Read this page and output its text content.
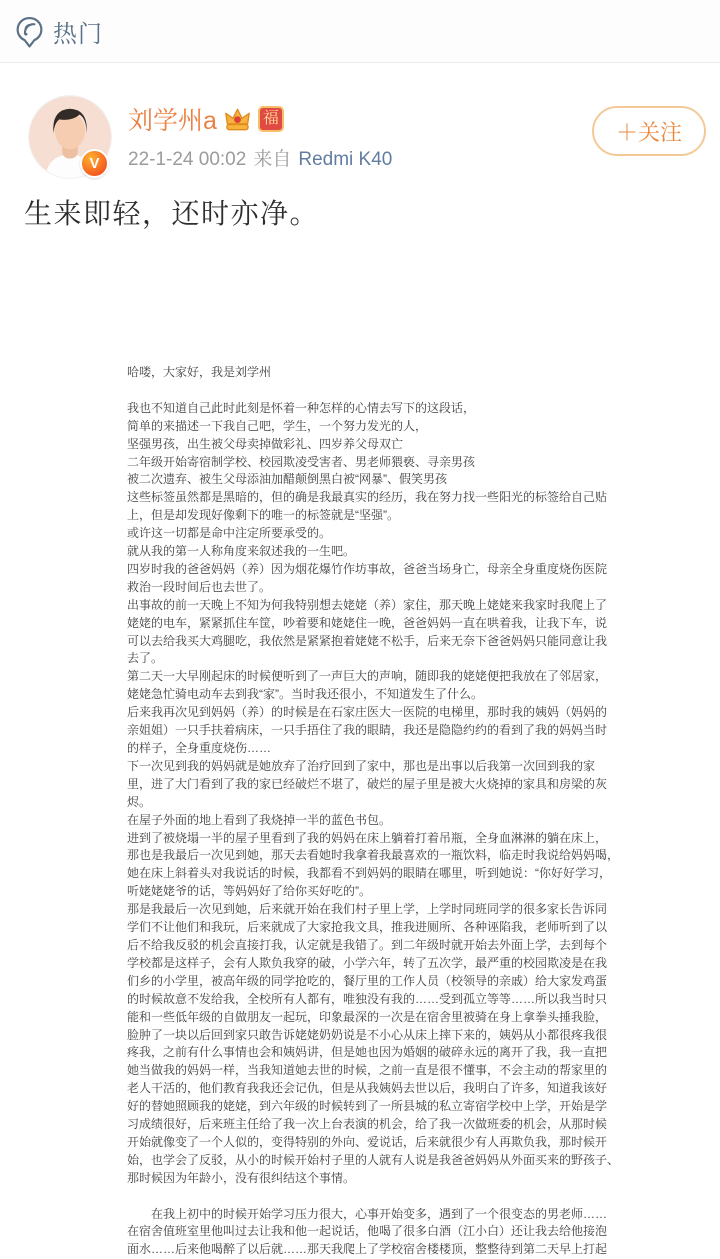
热门
V
刘学州a	福
22-1-24 00:02 来自 Redmi K40
＋关注
生来即轻，还时亦净。
哈喽，大家好，我是刘学州
我也不知道自己此时此刻是怀着一种怎样的心情去写下的这段话，
简单的来描述一下我自己吧，学生，一个努力发光的人，
坚强男孩，出生被父母卖掉做彩礼、四岁养父母双亡
二年级开始寄宿制学校、校园欺凌受害者、男老师猥亵、寻亲男孩
被二次遗弃、被生父母添油加醋颠倒黑白被“网暴”、假笑男孩
这些标签虽然都是黑暗的，但的确是我最真实的经历，我在努力找一些阳光的标签给自己贴
上，但是却发现好像剩下的唯一的标签就是“坚强”。
或许这一切都是命中注定所要承受的。
就从我的第一人称角度来叙述我的一生吧。
四岁时我的爸爸妈妈（养）因为烟花爆竹作坊事故，爸爸当场身亡，母亲全身重度烧伤医院
救治一段时间后也去世了。
出事故的前一天晚上不知为何我特别想去姥姥（养）家住，那天晚上姥姥来我家时我爬上了
姥姥的电车，紧紧抓住车筐，吵着要和姥姥住一晚，爸爸妈妈一直在哄着我，让我下车，说
可以去给我买大鸡腿吃，我依然是紧紧抱着姥姥不松手，后来无奈下爸爸妈妈只能同意让我
去了。
第二天一大早刚起床的时候便听到了一声巨大的声响，随即我的姥姥便把我放在了邻居家，
姥姥急忙骑电动车去到我“家”。当时我还很小，不知道发生了什么。
后来我再次见到妈妈（养）的时候是在石家庄医大一医院的电梯里，那时我的姨妈（妈妈的
亲姐姐）一只手扶着病床，一只手捂住了我的眼睛，我还是隐隐约约的看到了我的妈妈当时
的样子，全身重度烧伤……
下一次见到我的妈妈就是她放弃了治疗回到了家中，那也是出事以后我第一次回到我的家
里，进了大门看到了我的家已经破烂不堪了，破烂的屋子里是被大火烧掉的家具和房梁的灰
烬。
在屋子外面的地上看到了我烧掉一半的蓝色书包。
进到了被烧塌一半的屋子里看到了我的妈妈在床上躺着打着吊瓶，全身血淋淋的躺在床上，
那也是我最后一次见到她，那天去看她时我拿着我最喜欢的一瓶饮料，临走时我说给妈妈喝，
她在床上斜着头对我说话的时候，我都看不到妈妈的眼睛在哪里，听到她说：“你好好学习，
听姥姥姥爷的话，等妈妈好了给你买好吃的”。
那是我最后一次见到她，后来就开始在我们村子里上学，上学时同班同学的很多家长告诉同
学们不让他们和我玩，后来就成了大家抢我文具，推我进厕所、各种诬陷我，老师听到了以
后不给我反驳的机会直接打我，认定就是我错了。到二年级时就开始去外面上学，去到每个
学校都是这样子，会有人欺负我穿的破，小学六年，转了五次学，最严重的校园欺凌是在我
们乡的小学里，被高年级的同学抢吃的，餐厅里的工作人员（校领导的亲戚）给大家发鸡蛋
的时候故意不发给我，全校所有人都有，唯独没有我的……受到孤立等等……所以我当时只
能和一些低年级的自做朋友一起玩，印象最深的一次是在宿舍里被骑在身上拿拳头捶我脸，
脸肿了一块以后回到家只敢告诉姥姥奶奶说是不小心从床上摔下来的，姨妈从小都很疼我很
疼我，之前有什么事情也会和姨妈讲，但是她也因为婚姻的破碎永远的离开了我，我一直把
她当做我的妈妈一样，当我知道她去世的时候，之前一直是很不懂事，不会主动的帮家里的
老人干活的，他们教育我我还会记仇，但是从我姨妈去世以后，我明白了许多，知道我该好
好的替她照顾我的姥姥，到六年级的时候转到了一所县城的私立寄宿学校中上学，开始是学
习成绩很好，后来班主任给了我一次上台表演的机会，给了我一次做班委的机会，从那时候
开始就像变了一个人似的，变得特别的外向、爱说话，后来就很少有人再欺负我，那时候开
始，也学会了反驳，从小的时候开始村子里的人就有人说是我爸爸妈妈从外面买来的野孩子、
那时候因为年龄小，没有很纠结这个事情。
　　在我上初中的时候开始学习压力很大，心事开始变多，遇到了一个很变态的男老师……
在宿舍值班室里他叫过去让我和他一起说话，他喝了很多白酒（江小白）还让我去给他接泡
面水……后来他喝醉了以后就……那天我爬上了学校宿舍楼楼顶，整整待到第二天早上打起
